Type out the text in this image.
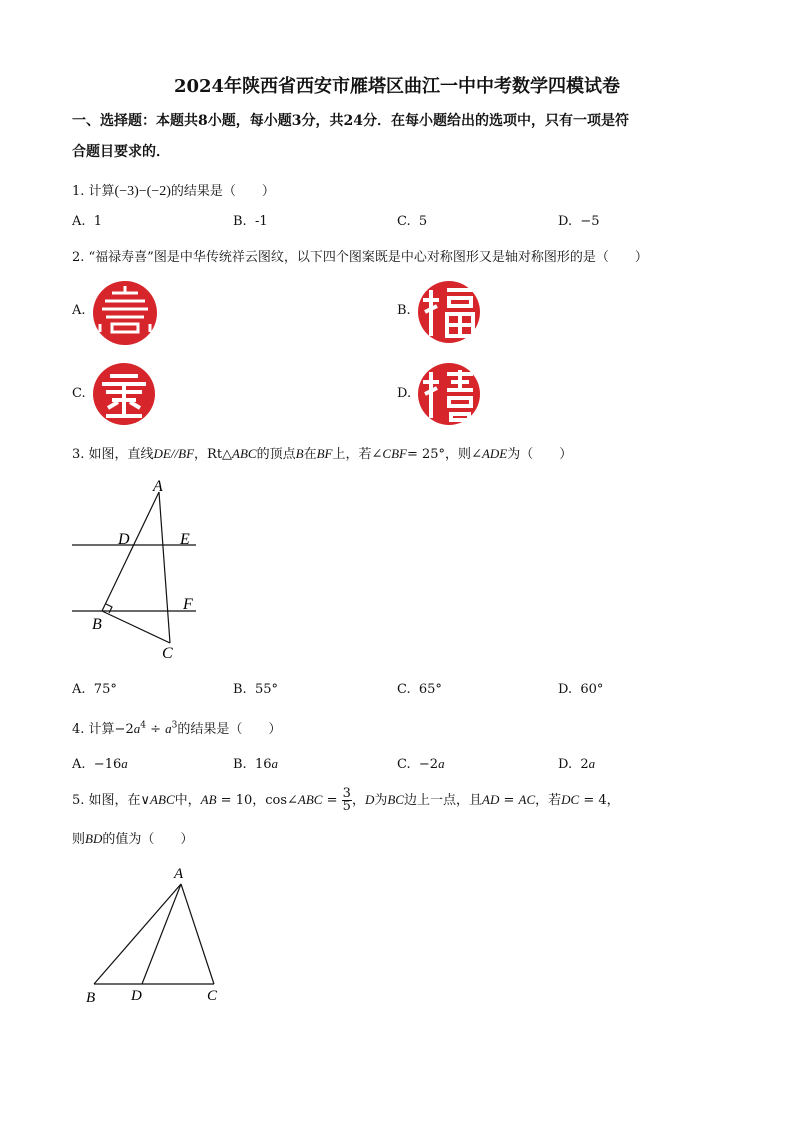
2024年陕西省西安市雁塔区曲江一中中考数学四模试卷
一、选择题：本题共8小题，每小题3分，共24分．在每小题给出的选项中，只有一项是符
合题目要求的．
1. 计算(−3)−(−2)的结果是（　　）
A. 1	B. -1	C. 5	D. −5
2. “福禄寿喜”图是中华传统祥云图纹，以下四个图案既是中心对称图形又是轴对称图形的是（　　）
A.	B.
C.	D.
3. 如图，直线DE//BF，Rt△ABC的顶点B在BF上，若∠CBF= 25°，则∠ADE为（　　）
A
D	E
F
B
C
A. 75°	B. 55°	C. 65°	D. 60°
4. 计算$-2a^4 \div a^3$的结果是（　　）
A. −16a	B. 16a	C. −2a	D. 2a
5. 如图，在∨ABC中，AB = 10，cos∠ABC = $\frac{3}{5}$ ，D为BC边上一点，且AD = AC，若DC = 4，
则BD的值为（　　）
A
B D	C
